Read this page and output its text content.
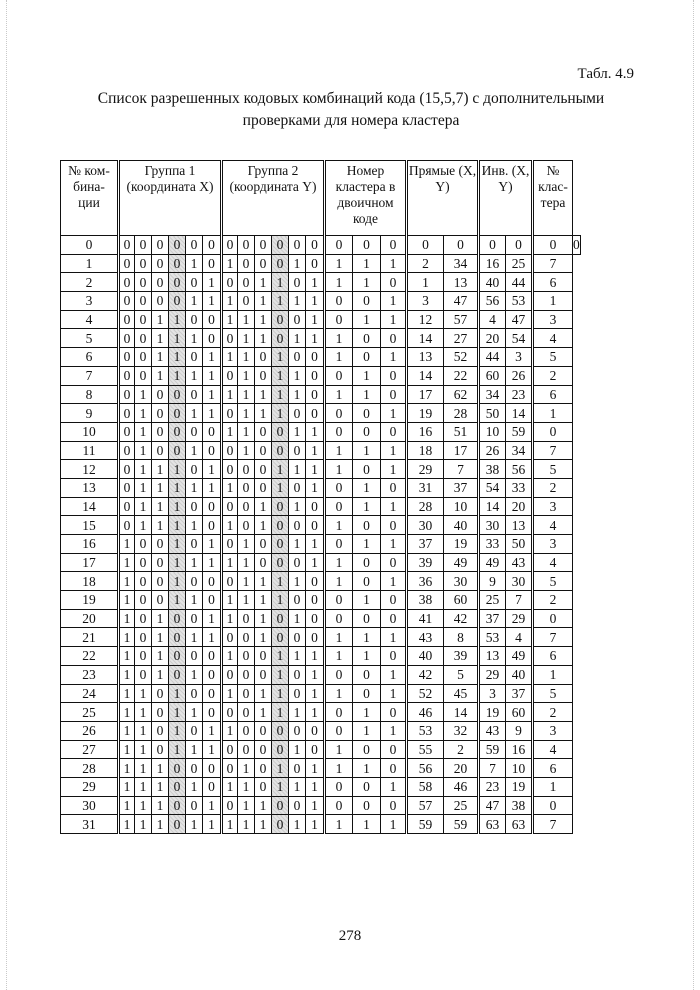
Табл. 4.9
Список разрешенных кодовых комбинаций кода (15,5,7) с дополнительными
проверками для номера кластера
№ ком- бина- ции	Группа 1 (координата X)						Группа 2 (координата Y)						Номер кластера в двоичном коде			Прямые (X, Y)		Инв. (X, Y)		№ клас- тера	
0	0	0	0	0	0	0	0	0	0	0	0	0	0	0	0	0	0	0	0	0	0
1	0	0	0	0	1	0	1	0	0	0	1	0	1	1	1	2	34	16	25	7	
2	0	0	0	0	0	1	0	0	1	1	0	1	1	1	0	1	13	40	44	6	
3	0	0	0	0	1	1	1	0	1	1	1	1	0	0	1	3	47	56	53	1	
4	0	0	1	1	0	0	1	1	1	0	0	1	0	1	1	12	57	4	47	3	
5	0	0	1	1	1	0	0	1	1	0	1	1	1	0	0	14	27	20	54	4	
6	0	0	1	1	0	1	1	1	0	1	0	0	1	0	1	13	52	44	3	5	
7	0	0	1	1	1	1	0	1	0	1	1	0	0	1	0	14	22	60	26	2	
8	0	1	0	0	0	1	1	1	1	1	1	0	1	1	0	17	62	34	23	6	
9	0	1	0	0	1	1	0	1	1	1	0	0	0	0	1	19	28	50	14	1	
10	0	1	0	0	0	0	1	1	0	0	1	1	0	0	0	16	51	10	59	0	
11	0	1	0	0	1	0	0	1	0	0	0	1	1	1	1	18	17	26	34	7	
12	0	1	1	1	0	1	0	0	0	1	1	1	1	0	1	29	7	38	56	5	
13	0	1	1	1	1	1	1	0	0	1	0	1	0	1	0	31	37	54	33	2	
14	0	1	1	1	0	0	0	0	1	0	1	0	0	1	1	28	10	14	20	3	
15	0	1	1	1	1	0	1	0	1	0	0	0	1	0	0	30	40	30	13	4	
16	1	0	0	1	0	1	0	1	0	0	1	1	0	1	1	37	19	33	50	3	
17	1	0	0	1	1	1	1	1	0	0	0	1	1	0	0	39	49	49	43	4	
18	1	0	0	1	0	0	0	1	1	1	1	0	1	0	1	36	30	9	30	5	
19	1	0	0	1	1	0	1	1	1	1	0	0	0	1	0	38	60	25	7	2	
20	1	0	1	0	0	1	1	0	1	0	1	0	0	0	0	41	42	37	29	0	
21	1	0	1	0	1	1	0	0	1	0	0	0	1	1	1	43	8	53	4	7	
22	1	0	1	0	0	0	1	0	0	1	1	1	1	1	0	40	39	13	49	6	
23	1	0	1	0	1	0	0	0	0	1	0	1	0	0	1	42	5	29	40	1	
24	1	1	0	1	0	0	1	0	1	1	0	1	1	0	1	52	45	3	37	5	
25	1	1	0	1	1	0	0	0	1	1	1	1	0	1	0	46	14	19	60	2	
26	1	1	0	1	0	1	1	0	0	0	0	0	0	1	1	53	32	43	9	3	
27	1	1	0	1	1	1	0	0	0	0	1	0	1	0	0	55	2	59	16	4	
28	1	1	1	0	0	0	0	1	0	1	0	1	1	1	0	56	20	7	10	6	
29	1	1	1	0	1	0	1	1	0	1	1	1	0	0	1	58	46	23	19	1	
30	1	1	1	0	0	1	0	1	1	0	0	1	0	0	0	57	25	47	38	0	
31	1	1	1	0	1	1	1	1	1	0	1	1	1	1	1	59	59	63	63	7	
278
